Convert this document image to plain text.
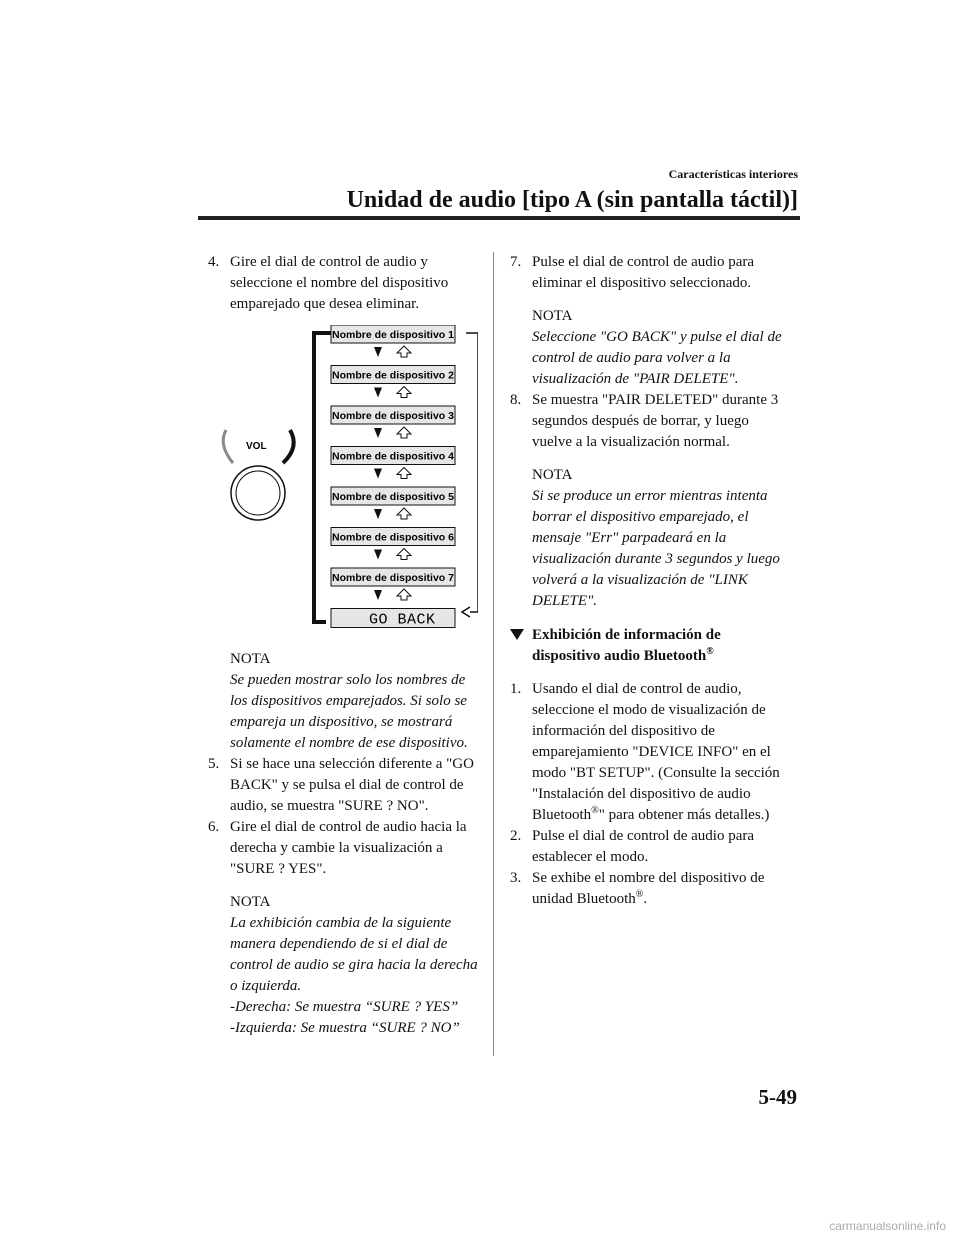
Características interiores
Unidad de audio [tipo A (sin pantalla táctil)]
4. Gire el dial de control de audio y seleccione el nombre del dispositivo emparejado que desea eliminar.
VOL
Nombre de dispositivo 1
Nombre de dispositivo 2
Nombre de dispositivo 3
Nombre de dispositivo 4
Nombre de dispositivo 5
Nombre de dispositivo 6
Nombre de dispositivo 7
GO BACK
NOTA
Se pueden mostrar solo los nombres de los dispositivos emparejados. Si solo se empareja un dispositivo, se mostrará solamente el nombre de ese dispositivo.
5. Si se hace una selección diferente a "GO BACK" y se pulsa el dial de control de audio, se muestra "SURE ? NO".
6. Gire el dial de control de audio hacia la derecha y cambie la visualización a "SURE ? YES".
NOTA
La exhibición cambia de la siguiente manera dependiendo de si el dial de control de audio se gira hacia la derecha o izquierda.
-Derecha: Se muestra “SURE ? YES”
-Izquierda: Se muestra “SURE ? NO”
7. Pulse el dial de control de audio para eliminar el dispositivo seleccionado.
NOTA
Seleccione "GO BACK" y pulse el dial de control de audio para volver a la visualización de "PAIR DELETE".
8. Se muestra "PAIR DELETED" durante 3 segundos después de borrar, y luego vuelve a la visualización normal.
NOTA
Si se produce un error mientras intenta borrar el dispositivo emparejado, el mensaje "Err" parpadeará en la visualización durante 3 segundos y luego volverá a la visualización de "LINK DELETE".
Exhibición de información de dispositivo audio Bluetooth®
1. Usando el dial de control de audio, seleccione el modo de visualización de información del dispositivo de emparejamiento "DEVICE INFO" en el modo "BT SETUP". (Consulte la sección "Instalación del dispositivo de audio Bluetooth®" para obtener más detalles.)
2. Pulse el dial de control de audio para establecer el modo.
3. Se exhibe el nombre del dispositivo de unidad Bluetooth®.
5-49
carmanualsonline.info
